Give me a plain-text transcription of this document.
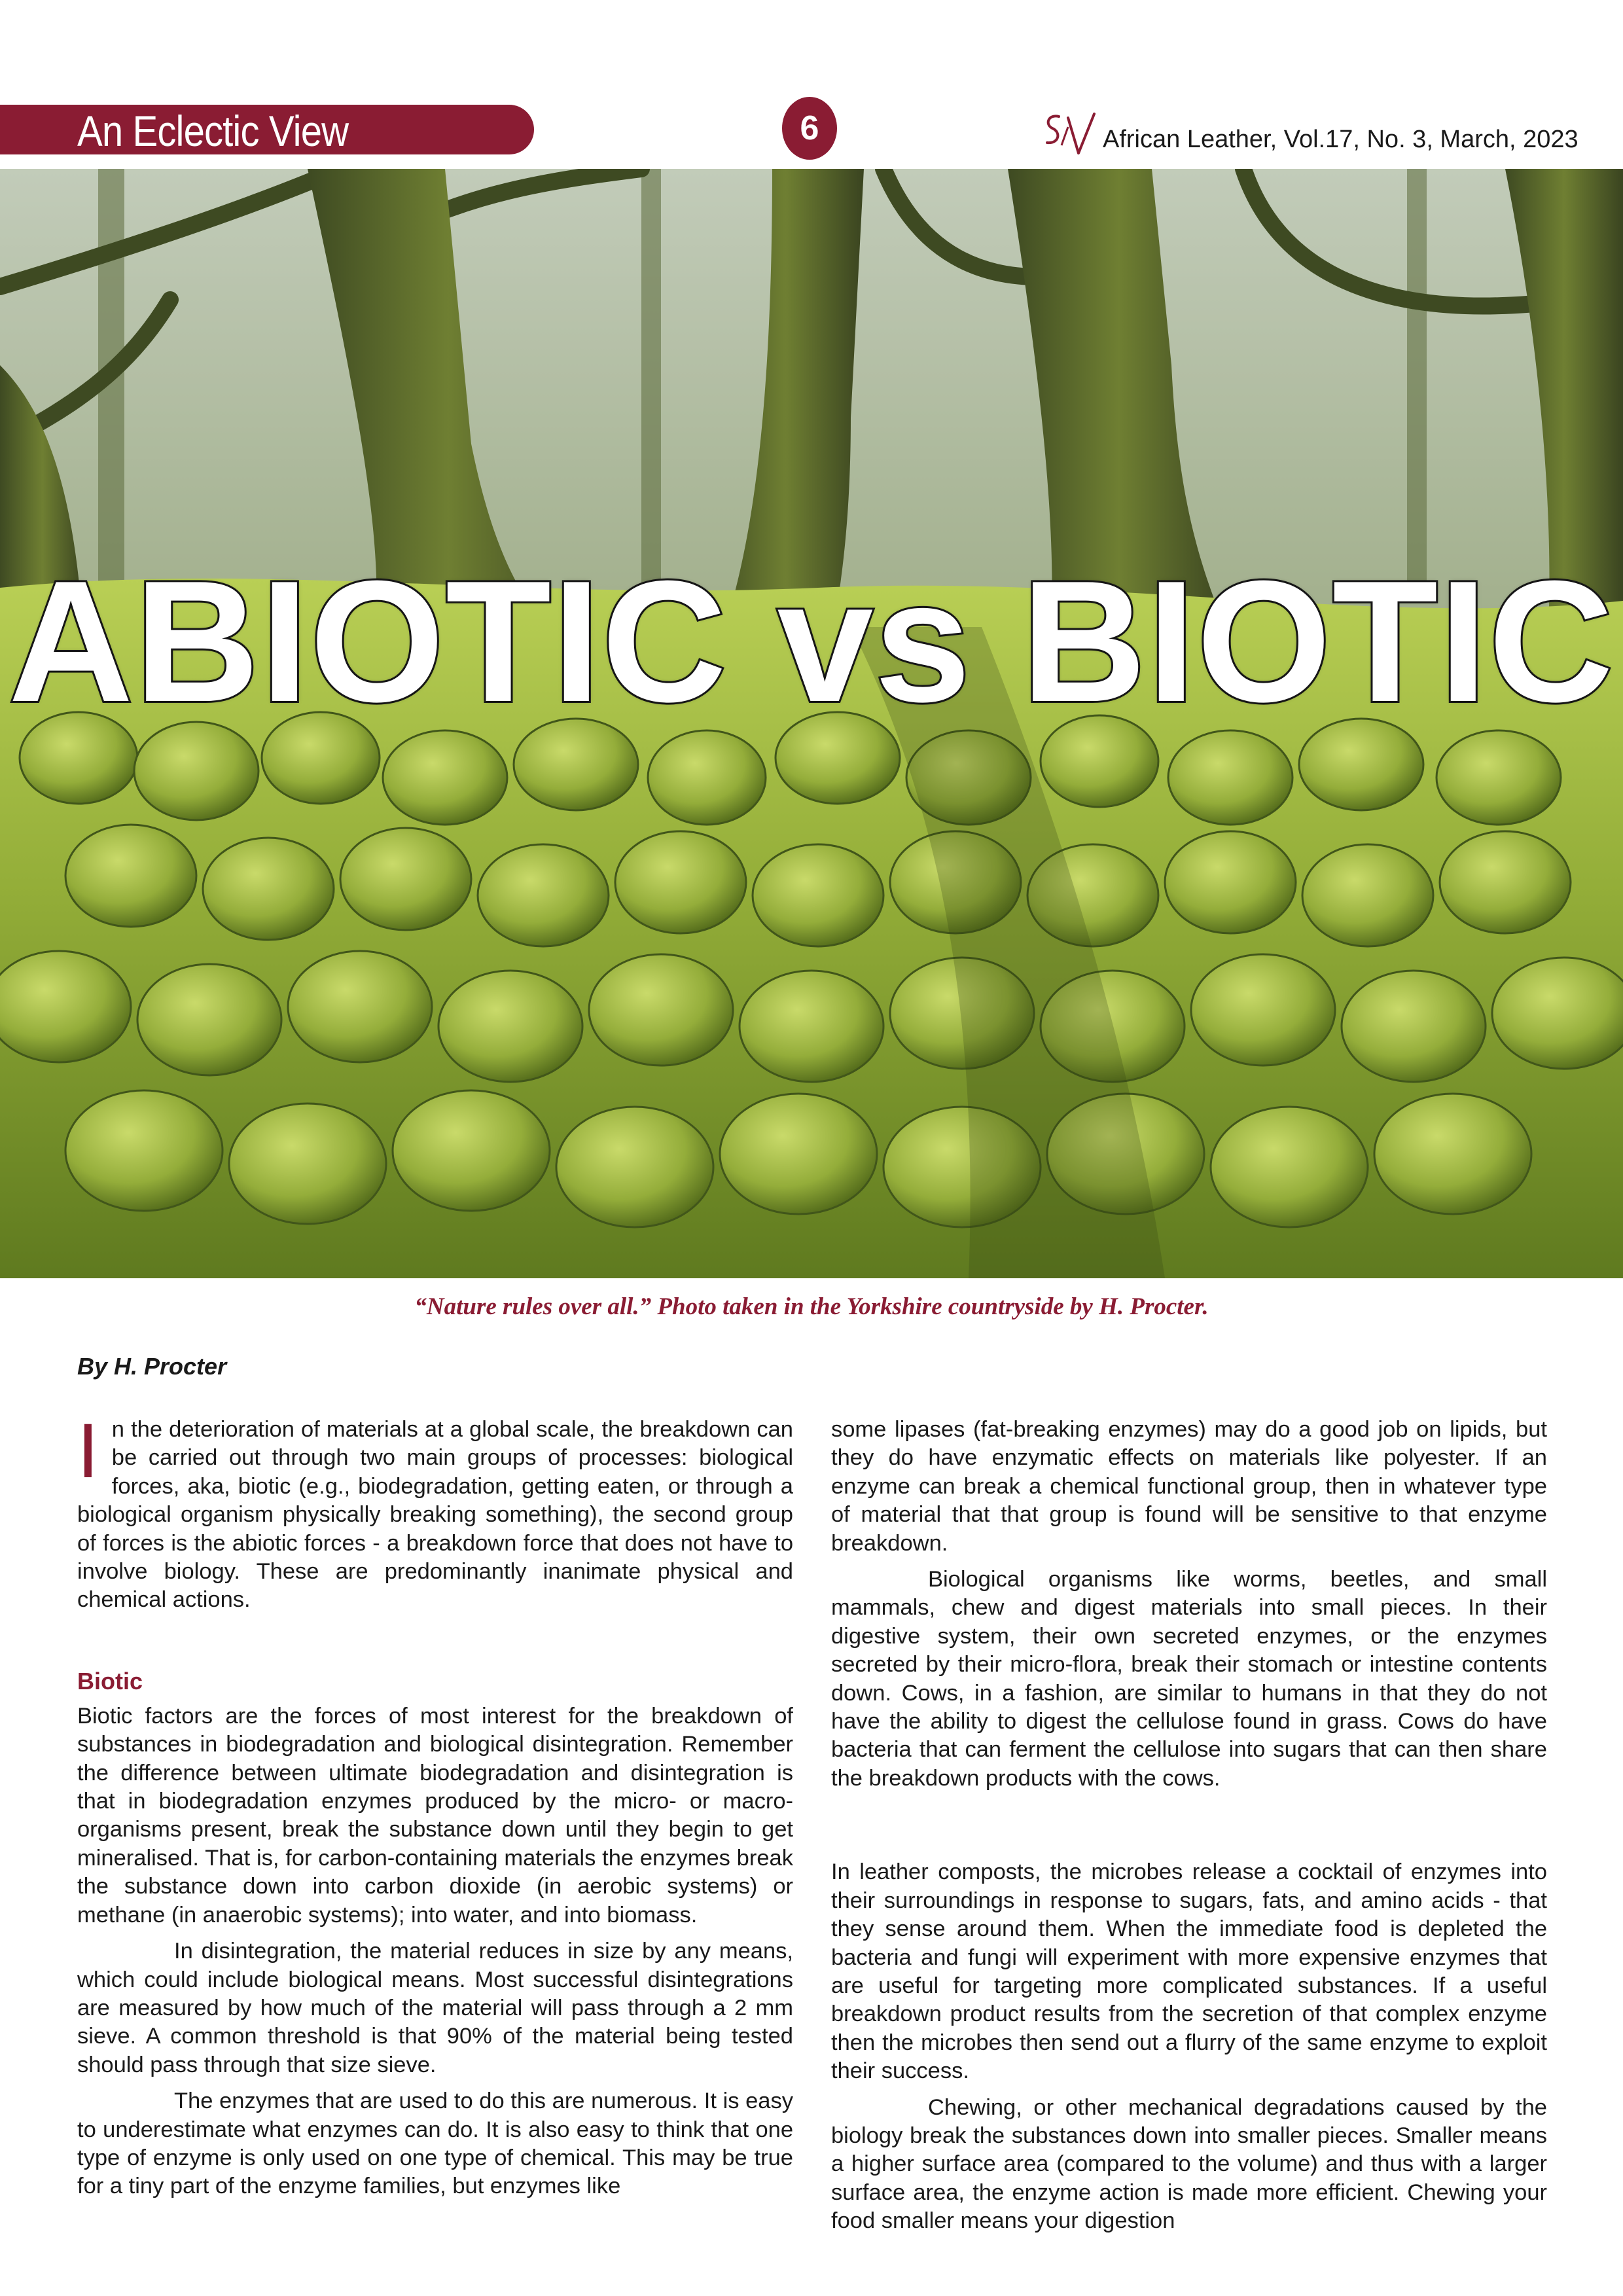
An Eclectic View	6	African Leather, Vol.17, No. 3, March, 2023
ABIOTIC vs BIOTIC
“Nature rules over all.” Photo taken in the Yorkshire countryside by H. Procter.
By H. Procter

In the deterioration of materials at a global scale, the breakdown can be carried out through two main groups of processes: biological forces, aka, biotic (e.g., biodegradation, getting eaten, or through a biological organism physically breaking something), the second group of forces is the abiotic forces - a breakdown force that does not have to involve biology. These are predominantly inanimate physical and chemical actions.

Biotic

Biotic factors are the forces of most interest for the breakdown of substances in biodegradation and biological disintegration. Remember the difference between ultimate biodegradation and disintegration is that in biodegradation enzymes produced by the micro- or macro-organisms present, break the substance down until they begin to get mineralised. That is, for carbon-containing materials the enzymes break the substance down into carbon dioxide (in aerobic systems) or methane (in anaerobic systems); into water, and into biomass.

In disintegration, the material reduces in size by any means, which could include biological means. Most successful disintegrations are measured by how much of the material will pass through a 2 mm sieve. A common threshold is that 90% of the material being tested should pass through that size sieve.

The enzymes that are used to do this are numerous. It is easy to underestimate what enzymes can do. It is also easy to think that one type of enzyme is only used on one type of chemical. This may be true for a tiny part of the enzyme families, but enzymes like

some lipases (fat-breaking enzymes) may do a good job on lipids, but they do have enzymatic effects on materials like polyester. If an enzyme can break a chemical functional group, then in whatever type of material that that group is found will be sensitive to that enzyme breakdown.

Biological organisms like worms, beetles, and small mammals, chew and digest materials into small pieces. In their digestive system, their own secreted enzymes, or the enzymes secreted by their micro-flora, break their stomach or intestine contents down. Cows, in a fashion, are similar to humans in that they do not have the ability to digest the cellulose found in grass. Cows do have bacteria that can ferment the cellulose into sugars that can then share the breakdown products with the cows.

In leather composts, the microbes release a cocktail of enzymes into their surroundings in response to sugars, fats, and amino acids - that they sense around them. When the immediate food is depleted the bacteria and fungi will experiment with more expensive enzymes that are useful for targeting more complicated substances. If a useful breakdown product results from the secretion of that complex enzyme then the microbes then send out a flurry of the same enzyme to exploit their success.

Chewing, or other mechanical degradations caused by the biology break the substances down into smaller pieces. Smaller means a higher surface area (compared to the volume) and thus with a larger surface area, the enzyme action is made more efficient. Chewing your food smaller means your digestion
